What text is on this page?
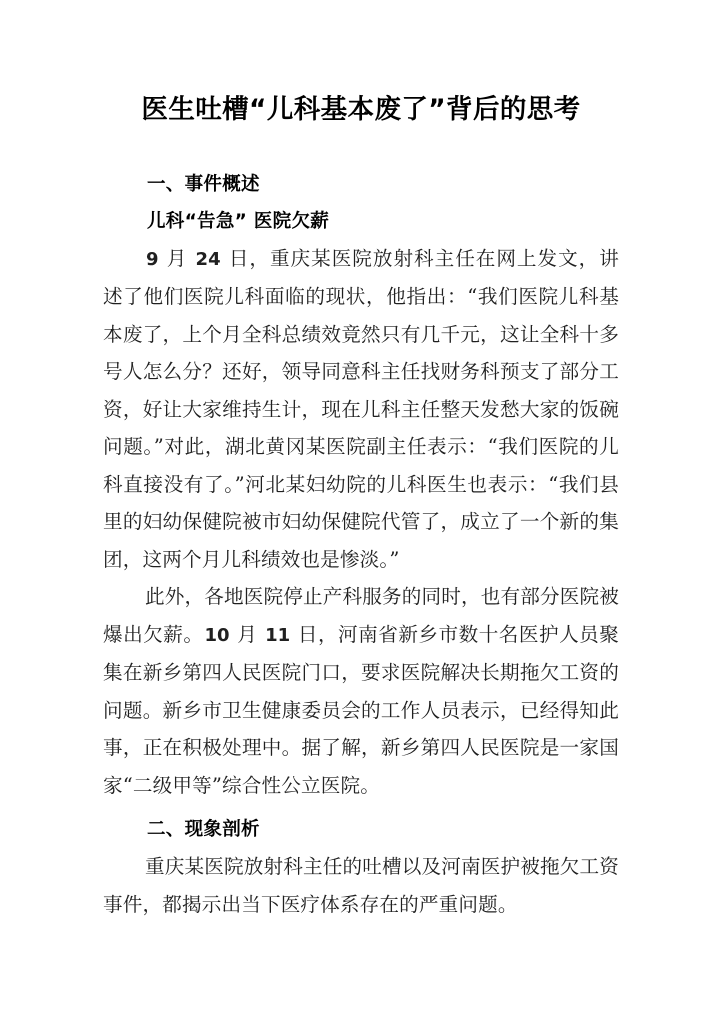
医生吐槽“儿科基本废了”背后的思考
一、事件概述
儿科“告急” 医院欠薪

9 月 24 日，重庆某医院放射科主任在网上发文，讲述了他们医院儿科面临的现状，他指出：“我们医院儿科基本废了，上个月全科总绩效竟然只有几千元，这让全科十多号人怎么分？还好，领导同意科主任找财务科预支了部分工资，好让大家维持生计，现在儿科主任整天发愁大家的饭碗问题。”对此，湖北黄冈某医院副主任表示：“我们医院的儿科直接没有了。”河北某妇幼院的儿科医生也表示：“我们县里的妇幼保健院被市妇幼保健院代管了，成立了一个新的集团，这两个月儿科绩效也是惨淡。”

此外，各地医院停止产科服务的同时，也有部分医院被爆出欠薪。10 月 11 日，河南省新乡市数十名医护人员聚集在新乡第四人民医院门口，要求医院解决长期拖欠工资的问题。新乡市卫生健康委员会的工作人员表示，已经得知此事，正在积极处理中。据了解，新乡第四人民医院是一家国家“二级甲等”综合性公立医院。

二、现象剖析

重庆某医院放射科主任的吐槽以及河南医护被拖欠工资事件，都揭示出当下医疗体系存在的严重问题。
